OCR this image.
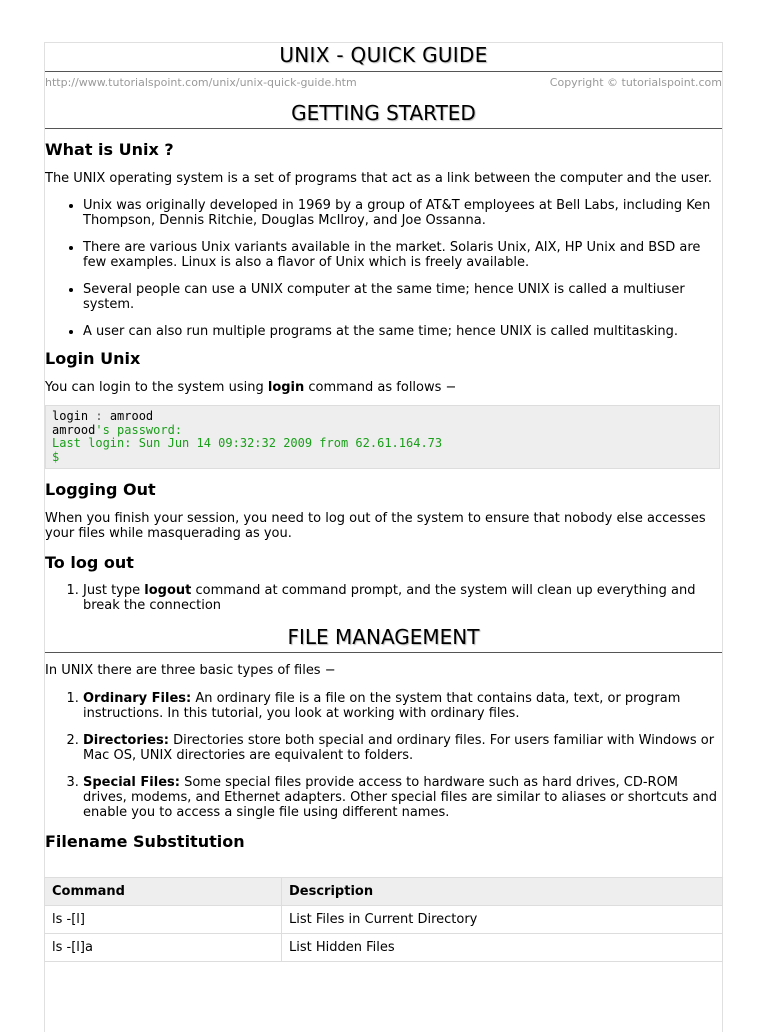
UNIX - QUICK GUIDE
http://www.tutorialspoint.com/unix/unix-quick-guide.htm	Copyright © tutorialspoint.com
GETTING STARTED
What is Unix ?

The UNIX operating system is a set of programs that act as a link between the computer and the user.

• Unix was originally developed in 1969 by a group of AT&T employees at Bell Labs, including Ken Thompson, Dennis Ritchie, Douglas McIlroy, and Joe Ossanna.
• There are various Unix variants available in the market. Solaris Unix, AIX, HP Unix and BSD are few examples. Linux is also a flavor of Unix which is freely available.
• Several people can use a UNIX computer at the same time; hence UNIX is called a multiuser system.
• A user can also run multiple programs at the same time; hence UNIX is called multitasking.
Login Unix

You can login to the system using login command as follows −

login : amrood
amrood's password:
Last login: Sun Jun 14 09:32:32 2009 from 62.61.164.73
$
Logging Out

When you finish your session, you need to log out of the system to ensure that nobody else accesses your files while masquerading as you.

To log out
1. Just type logout command at command prompt, and the system will clean up everything and break the connection
FILE MANAGEMENT

In UNIX there are three basic types of files −

1. Ordinary Files: An ordinary file is a file on the system that contains data, text, or program instructions. In this tutorial, you look at working with ordinary files.
2. Directories: Directories store both special and ordinary files. For users familiar with Windows or Mac OS, UNIX directories are equivalent to folders.
3. Special Files: Some special files provide access to hardware such as hard drives, CD-ROM drives, modems, and Ethernet adapters. Other special files are similar to aliases or shortcuts and enable you to access a single file using different names.
Filename Substitution
Command	Description
ls -[l]	List Files in Current Directory
ls -[l]a	List Hidden Files
